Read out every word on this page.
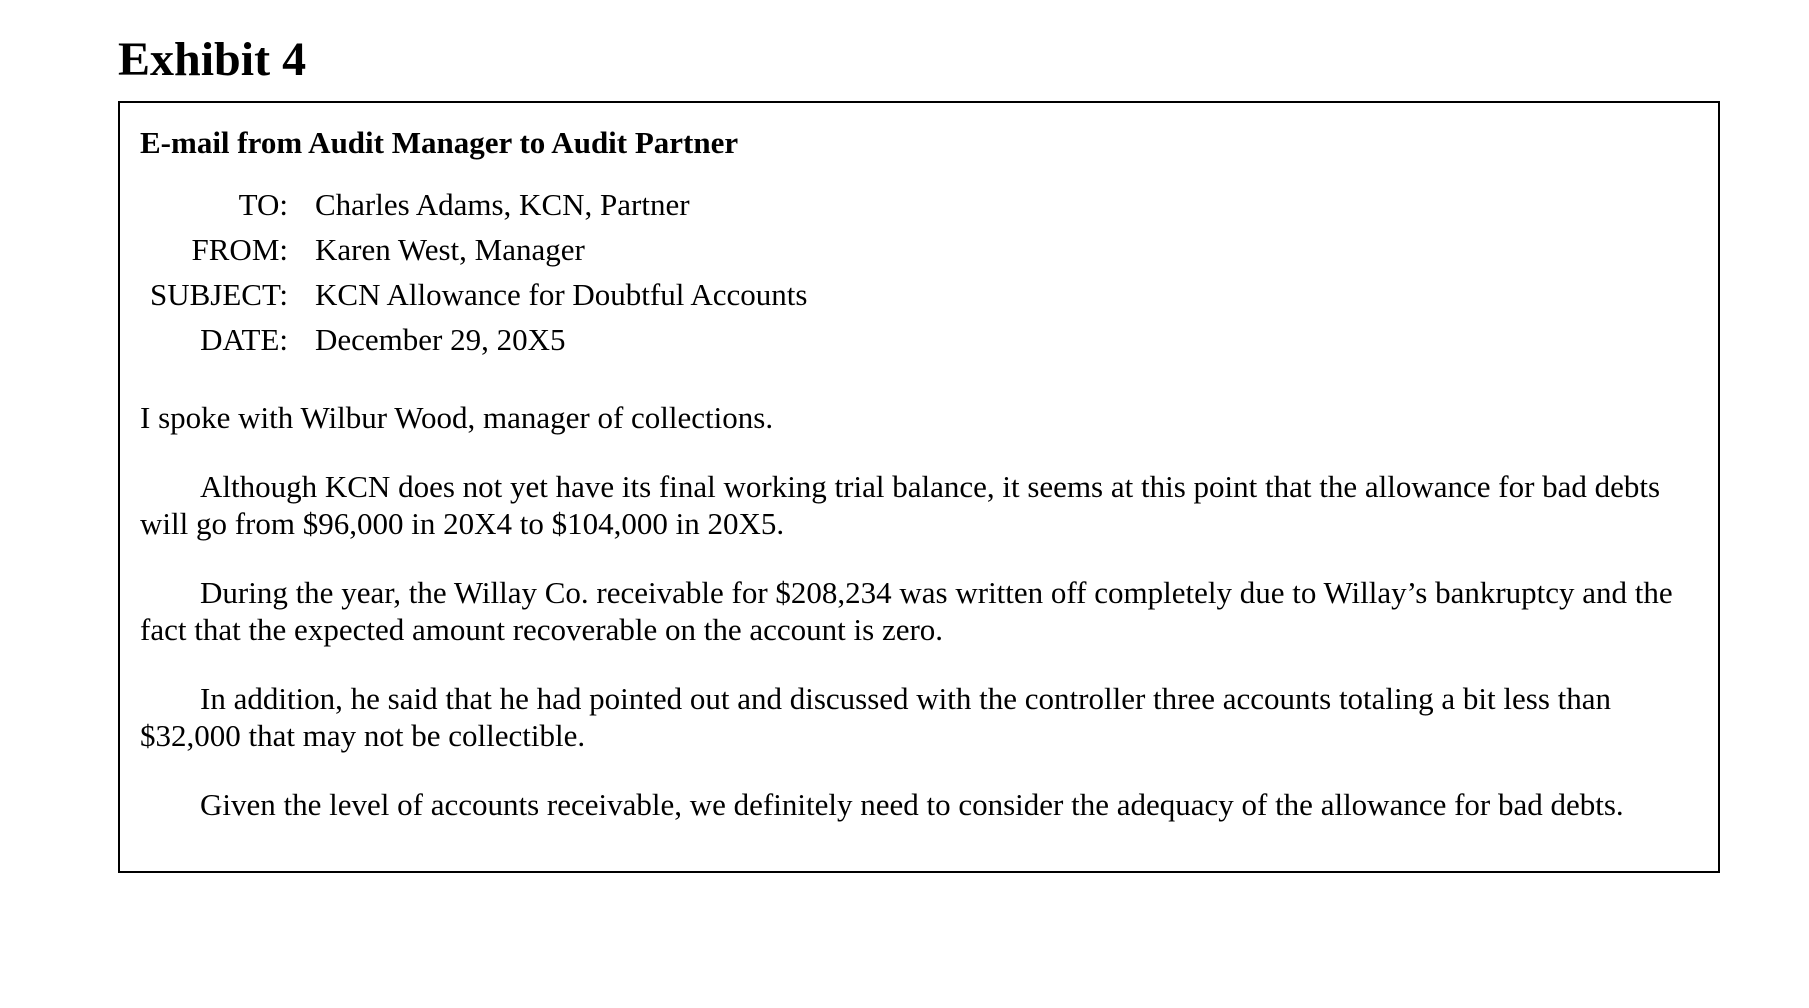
Exhibit 4
E-mail from Audit Manager to Audit Partner
TO:	Charles Adams, KCN, Partner
FROM:	Karen West, Manager
SUBJECT:	KCN Allowance for Doubtful Accounts
DATE:	December 29, 20X5

I spoke with Wilbur Wood, manager of collections.

Although KCN does not yet have its final working trial balance, it seems at this point that the allowance for bad debts will go from $96,000 in 20X4 to $104,000 in 20X5.

During the year, the Willay Co. receivable for $208,234 was written off completely due to Willay’s bankruptcy and the fact that the expected amount recoverable on the account is zero.

In addition, he said that he had pointed out and discussed with the controller three accounts totaling a bit less than $32,000 that may not be collectible.

Given the level of accounts receivable, we definitely need to consider the adequacy of the allowance for bad debts.
